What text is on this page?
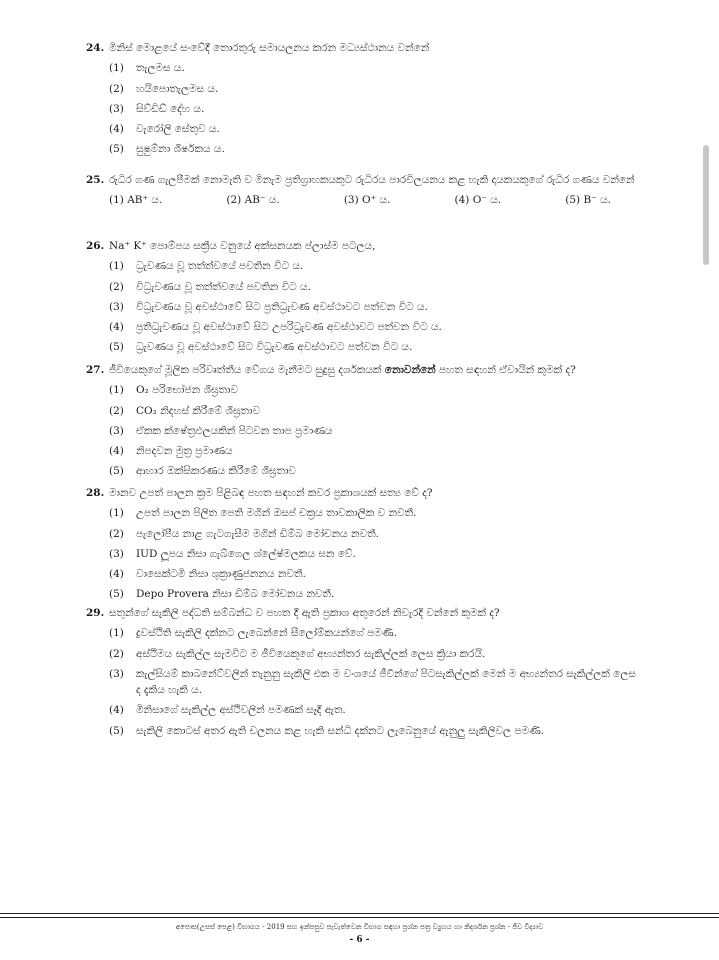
24. මිනිස් මොළයේ සංවේදී තොරතුරු සමායලනය කරන මධ්‍යස්ථානය වන්නේ
(1)	තැලමස ය.
(2)	හයිපොතැලමස ය.
(3)	සිව්ඩිඩ් දේහ ය.
(4)	වැරෝලි සේතුව ය.
(5)	සුෂුම්නා ශීර්ෂකය ය.
25. රුධිර ගණ ගැලපීමක් නොමැති ව මිනැම ප්‍රතිග්‍රාහකයකුට රුධිරය පාරවිලයනය කළ හැකි දායකයකුගේ රුධිර ගණය වන්නේ
(1) AB⁺ ය.	(2) AB⁻ ය.	(3) O⁺ ය.	(4) O⁻ ය.	(5) B⁻ ය.
26. Na⁺ K⁺ පොම්පය සක්‍රීය වනුයේ අක්සනයක ප්ලාස්ම පටලය,
(1)	ධ්‍රැවණය වූ තත්ත්වයේ පවතින විට ය.
(2)	විධ්‍රැවණය වූ තත්ත්වයේ පවතින විට ය.
(3)	විධ්‍රැවණය වූ අවස්ථාවේ සිට ප්‍රතිධ්‍රැවණ අවස්ථාවට පත්වන විට ය.
(4)	ප්‍රතිධ්‍රැවණය වූ අවස්ථාවේ සිට උපරිධ්‍රැවණ අවස්ථාවට පත්වන විට ය.
(5)	ධ්‍රැවණය වූ අවස්ථාවේ සිට විධ්‍රැවණ අවස්ථාවට පත්වන විට ය.
27. ජීවියෙකුගේ මූලික පරිවෘත්තීය වේගය මැනීමට සුදුසු දර්ශකයක් නොවන්නේ පහත සඳහන් ඒවායින් කුමක් ද?
(1)	O₂ පරිභෝජන ශීඝ්‍රතාව
(2)	CO₂ නිදහස් කිරීමේ ශීඝ්‍රතාව
(3)	ඒකක ක්ෂේත්‍රඵලයකින් පිටවන තාප ප්‍රමාණය
(4)	නිපදවන මුත්‍ර ප්‍රමාණය
(5)	ආහාර ඔක්සිකරණය කිරීමේ ශීඝ්‍රතාව
28. මානව උපත් පාලන ක්‍රම පිළිබඳ පහත සඳහන් කවර ප්‍රකාශයක් සත්‍ය වේ ද?
(1)	උපත් පාලන පිලිත පෙති මගින් ඔසප් චක්‍රය තාවකාලික ව නවතී.
(2)	පැලෝපීය නාළ ගැටගැසීම මගින් ඩිම්බ මෝචනය නවතී.
(3)	IUD ලූපය නිසා ගැබ්ගෙල ශ්ලේෂ්මලකය ඝන වේ.
(4)	වාසෙක්ටමි නිසා ශුක්‍රාණුජනනය නවතී.
(5)	Depo Provera නිසා ඩිම්බ මෝචනය නවතී.
29. සතුන්ගේ සැකිලි පද්ධති සම්බන්ධ ව පහත දී ඇති ප්‍රකාශ අතුරෙන් නිවැරදි වන්නේ කුමක් ද?
(1)	ද්‍රවස්ථිති සැකිලි දක්නට ලැබෙන්නේ සීලෝම්කයන්ගේ පමණි.
(2)	අස්ථිමය සැකිල්ල සැමවිට ම ජීවියෙකුගේ අභ්‍යන්තර සැකිල්ලක් ලෙස ක්‍රියා කරයි.
(3)	කැල්සියම් කාබනේට්වලින් තැනුනු සැකිලි එක ම වංශයේ ජීවීන්ගේ පිටසැකිල්ලක් මෙන් ම අභ්‍යන්තර සැකිල්ලක් ලෙස ද දැකිය හැකි ය.
(4)	මිනිසාගේ සැකිල්ල අස්ථිවලින් පමණක් සෑදී ඇත.
(5)	සැකිලි කොටස් අතර ඇති චලනය කළ හැකි සන්ධි දක්නට ලැබෙනුයේ ඇනුලු සැකිලිවල පමණි.
අපොස(උසස් පෙළ) විභාගය - 2019 සහ ඉන්පසුව පැවැත්වෙන විභාග සඳහා ප්‍රශ්න පත්‍ර ව්‍යුහය හා නිදර්ශන ප්‍රශ්න - ජීව විද්‍යාව
- 6 -
